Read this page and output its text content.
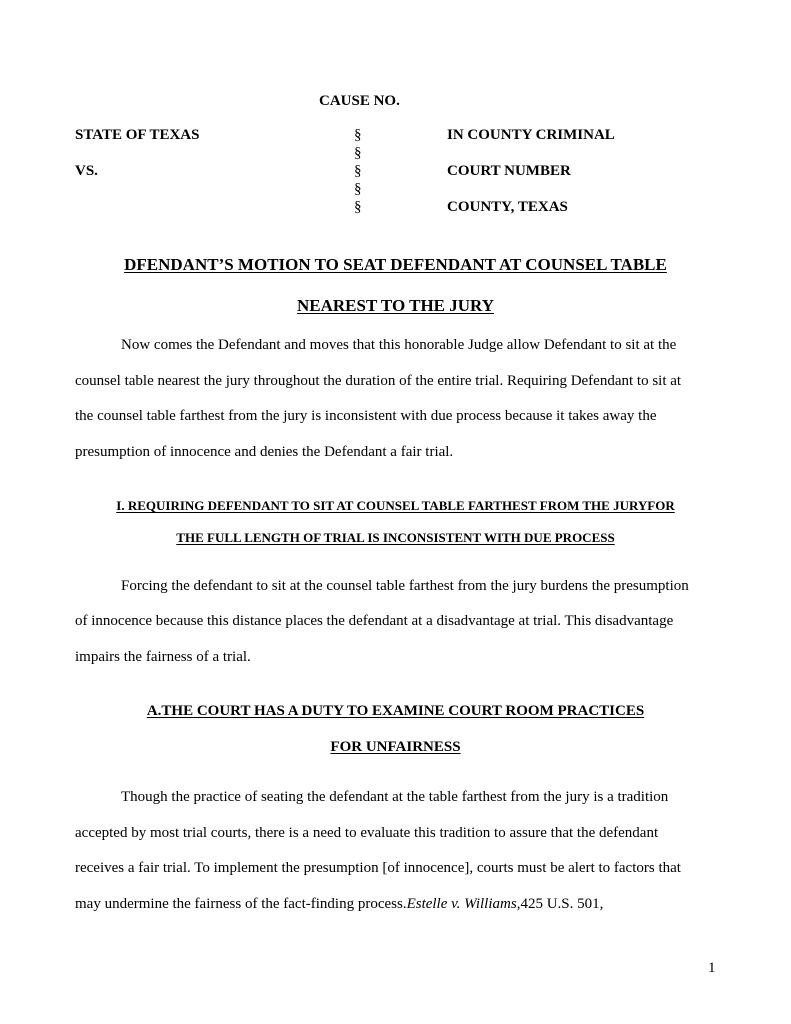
CAUSE NO.
STATE OF TEXAS
VS.
§
§
§
§
§
IN COUNTY CRIMINAL
COURT NUMBER
COUNTY, TEXAS
DFENDANT’S MOTION TO SEAT DEFENDANT AT COUNSEL TABLE
NEAREST TO THE JURY
Now comes the Defendant and moves that this honorable Judge allow Defendant to sit at the
counsel table nearest the jury throughout the duration of the entire trial. Requiring Defendant to sit at
the counsel table farthest from the jury is inconsistent with due process because it takes away the
presumption of innocence and denies the Defendant a fair trial.
I. REQUIRING DEFENDANT TO SIT AT COUNSEL TABLE FARTHEST FROM THE JURYFOR
THE FULL LENGTH OF TRIAL IS INCONSISTENT WITH DUE PROCESS
Forcing the defendant to sit at the counsel table farthest from the jury burdens the presumption
of innocence because this distance places the defendant at a disadvantage at trial. This disadvantage
impairs the fairness of a trial.
A.THE COURT HAS A DUTY TO EXAMINE COURT ROOM PRACTICES
FOR UNFAIRNESS
Though the practice of seating the defendant at the table farthest from the jury is a tradition
accepted by most trial courts, there is a need to evaluate this tradition to assure that the defendant
receives a fair trial. To implement the presumption [of innocence], courts must be alert to factors that
may undermine the fairness of the fact-finding process.Estelle v. Williams,425 U.S. 501,
1
